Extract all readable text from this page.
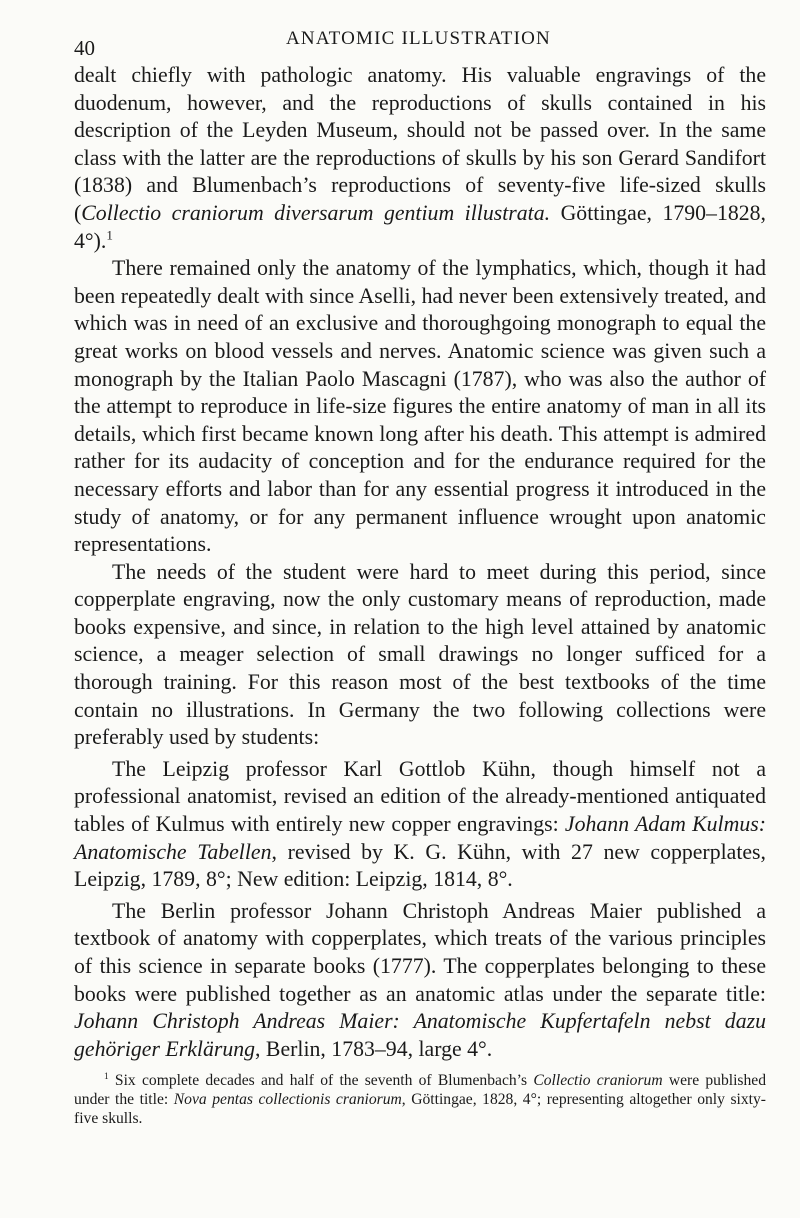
40	ANATOMIC ILLUSTRATION

dealt chiefly with pathologic anatomy. His valuable engravings of the duodenum, however, and the reproductions of skulls contained in his description of the Leyden Museum, should not be passed over. In the same class with the latter are the reproductions of skulls by his son Gerard Sandifort (1838) and Blumenbach’s reproductions of seventy-five life-sized skulls (Collectio craniorum diversarum gentium illustrata. Göttingae, 1790–1828, 4°).$^1$

There remained only the anatomy of the lymphatics, which, though it had been repeatedly dealt with since Aselli, had never been extensively treated, and which was in need of an exclusive and thoroughgoing monograph to equal the great works on blood vessels and nerves. Anatomic science was given such a monograph by the Italian Paolo Mascagni (1787), who was also the author of the attempt to reproduce in life-size figures the entire anatomy of man in all its details, which first became known long after his death. This attempt is admired rather for its audacity of conception and for the endurance required for the necessary efforts and labor than for any essential progress it introduced in the study of anatomy, or for any permanent influence wrought upon anatomic representations.

The needs of the student were hard to meet during this period, since copperplate engraving, now the only customary means of reproduction, made books expensive, and since, in relation to the high level attained by anatomic science, a meager selection of small drawings no longer sufficed for a thorough training. For this reason most of the best textbooks of the time contain no illustrations. In Germany the two following collections were preferably used by students:

The Leipzig professor Karl Gottlob Kühn, though himself not a professional anatomist, revised an edition of the already-mentioned antiquated tables of Kulmus with entirely new copper engravings: Johann Adam Kulmus: Anatomische Tabellen, revised by K. G. Kühn, with 27 new copperplates, Leipzig, 1789, 8°; New edition: Leipzig, 1814, 8°.

The Berlin professor Johann Christoph Andreas Maier published a textbook of anatomy with copperplates, which treats of the various principles of this science in separate books (1777). The copperplates belonging to these books were published together as an anatomic atlas under the separate title: Johann Christoph Andreas Maier: Anatomische Kupfertafeln nebst dazu gehöriger Erklärung, Berlin, 1783–94, large 4°.

$^1$ Six complete decades and half of the seventh of Blumenbach’s Collectio craniorum were published under the title: Nova pentas collectionis craniorum, Göttingae, 1828, 4°; representing altogether only sixty-five skulls.
